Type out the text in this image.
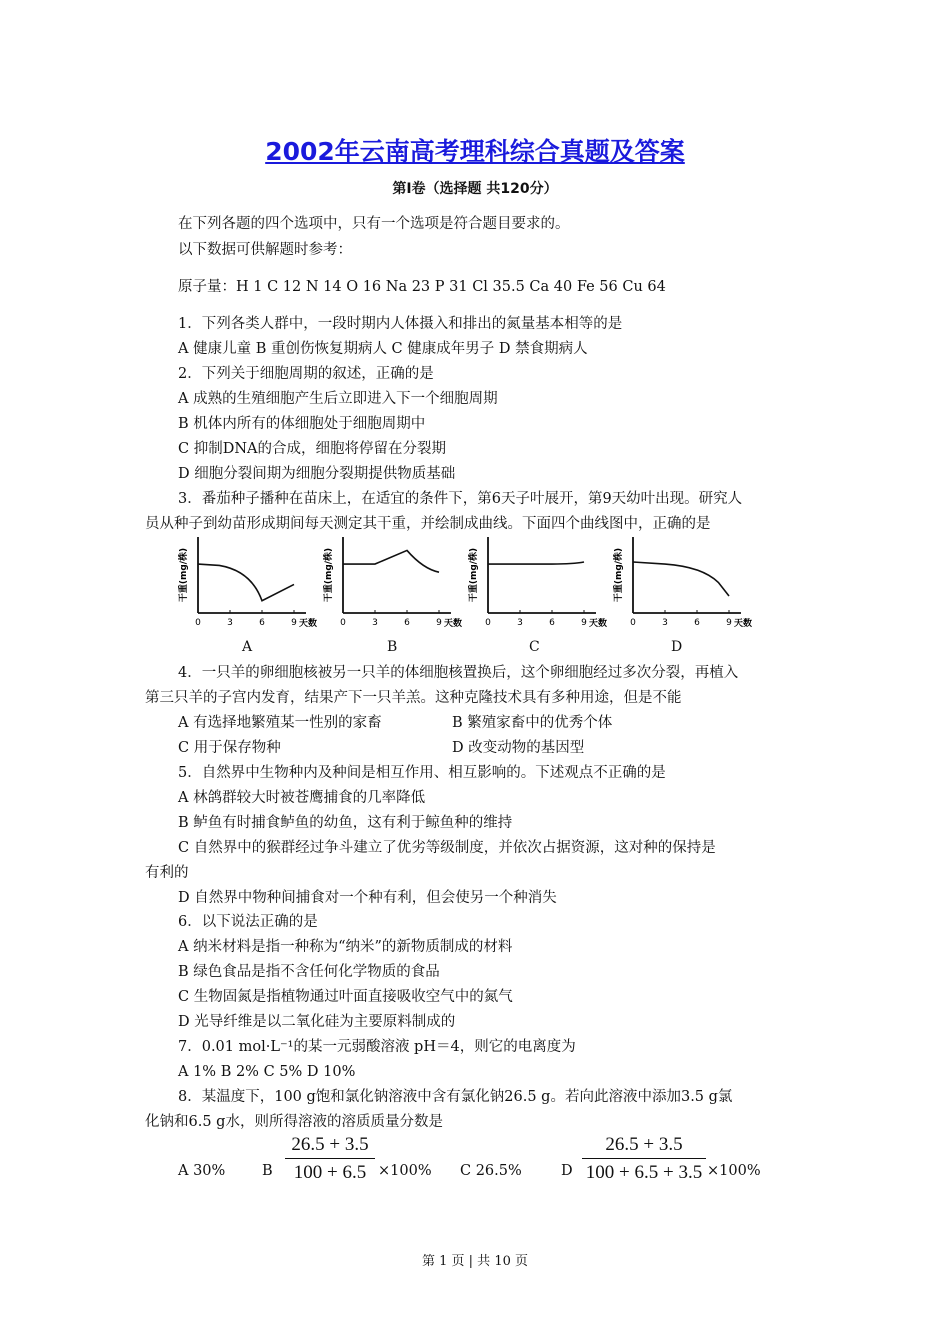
2002年云南高考理科综合真题及答案
第Ⅰ卷（选择题 共120分）
在下列各题的四个选项中，只有一个选项是符合题目要求的。
以下数据可供解题时参考：
原子量：H 1 C 12 N 14 O 16 Na 23 P 31 Cl 35.5 Ca 40 Fe 56 Cu 64
1．下列各类人群中，一段时期内人体摄入和排出的氮量基本相等的是
A 健康儿童 B 重创伤恢复期病人 C 健康成年男子 D 禁食期病人
2．下列关于细胞周期的叙述，正确的是
A 成熟的生殖细胞产生后立即进入下一个细胞周期
B 机体内所有的体细胞处于细胞周期中
C 抑制DNA的合成，细胞将停留在分裂期
D 细胞分裂间期为细胞分裂期提供物质基础
3．番茄种子播种在苗床上，在适宜的条件下，第6天子叶展开，第9天幼叶出现。研究人
员从种子到幼苗形成期间每天测定其干重，并绘制成曲线。下面四个曲线图中，正确的是
干重(mg/株)
0	3	6	9 天数
干重(mg/株)
0	3	6	9 天数
干重(mg/株)
0	3	6	9 天数
干重(mg/株)
0	3	6	9 天数
A	B	C	D
4．一只羊的卵细胞核被另一只羊的体细胞核置换后，这个卵细胞经过多次分裂，再植入
第三只羊的子宫内发育，结果产下一只羊羔。这种克隆技术具有多种用途，但是不能
A 有选择地繁殖某一性别的家畜	B 繁殖家畜中的优秀个体
C 用于保存物种	D 改变动物的基因型
5．自然界中生物种内及种间是相互作用、相互影响的。下述观点不正确的是
A 林鸽群较大时被苍鹰捕食的几率降低
B 鲈鱼有时捕食鲈鱼的幼鱼，这有利于鲸鱼种的维持
C 自然界中的猴群经过争斗建立了优劣等级制度，并依次占据资源，这对种的保持是
有利的
D 自然界中物种间捕食对一个种有利，但会使另一个种消失
6．以下说法正确的是
A 纳米材料是指一种称为“纳米”的新物质制成的材料
B 绿色食品是指不含任何化学物质的食品
C 生物固氮是指植物通过叶面直接吸收空气中的氮气
D 光导纤维是以二氧化硅为主要原料制成的
7．0.01 mol·L⁻¹的某一元弱酸溶液 pH＝4，则它的电离度为
A 1% B 2% C 5% D 10%
8．某温度下，100 g饱和氯化钠溶液中含有氯化钠26.5 g。若向此溶液中添加3.5 g氯
化钠和6.5 g水，则所得溶液的溶质质量分数是
A 30%	B $\frac{26.5 + 3.5}{100 + 6.5} \times 100\%$ C 26.5%	D $\frac{26.5 + 3.5}{100 + 6.5 + 3.5} \times 100\%$
第 1 页 | 共 10 页
